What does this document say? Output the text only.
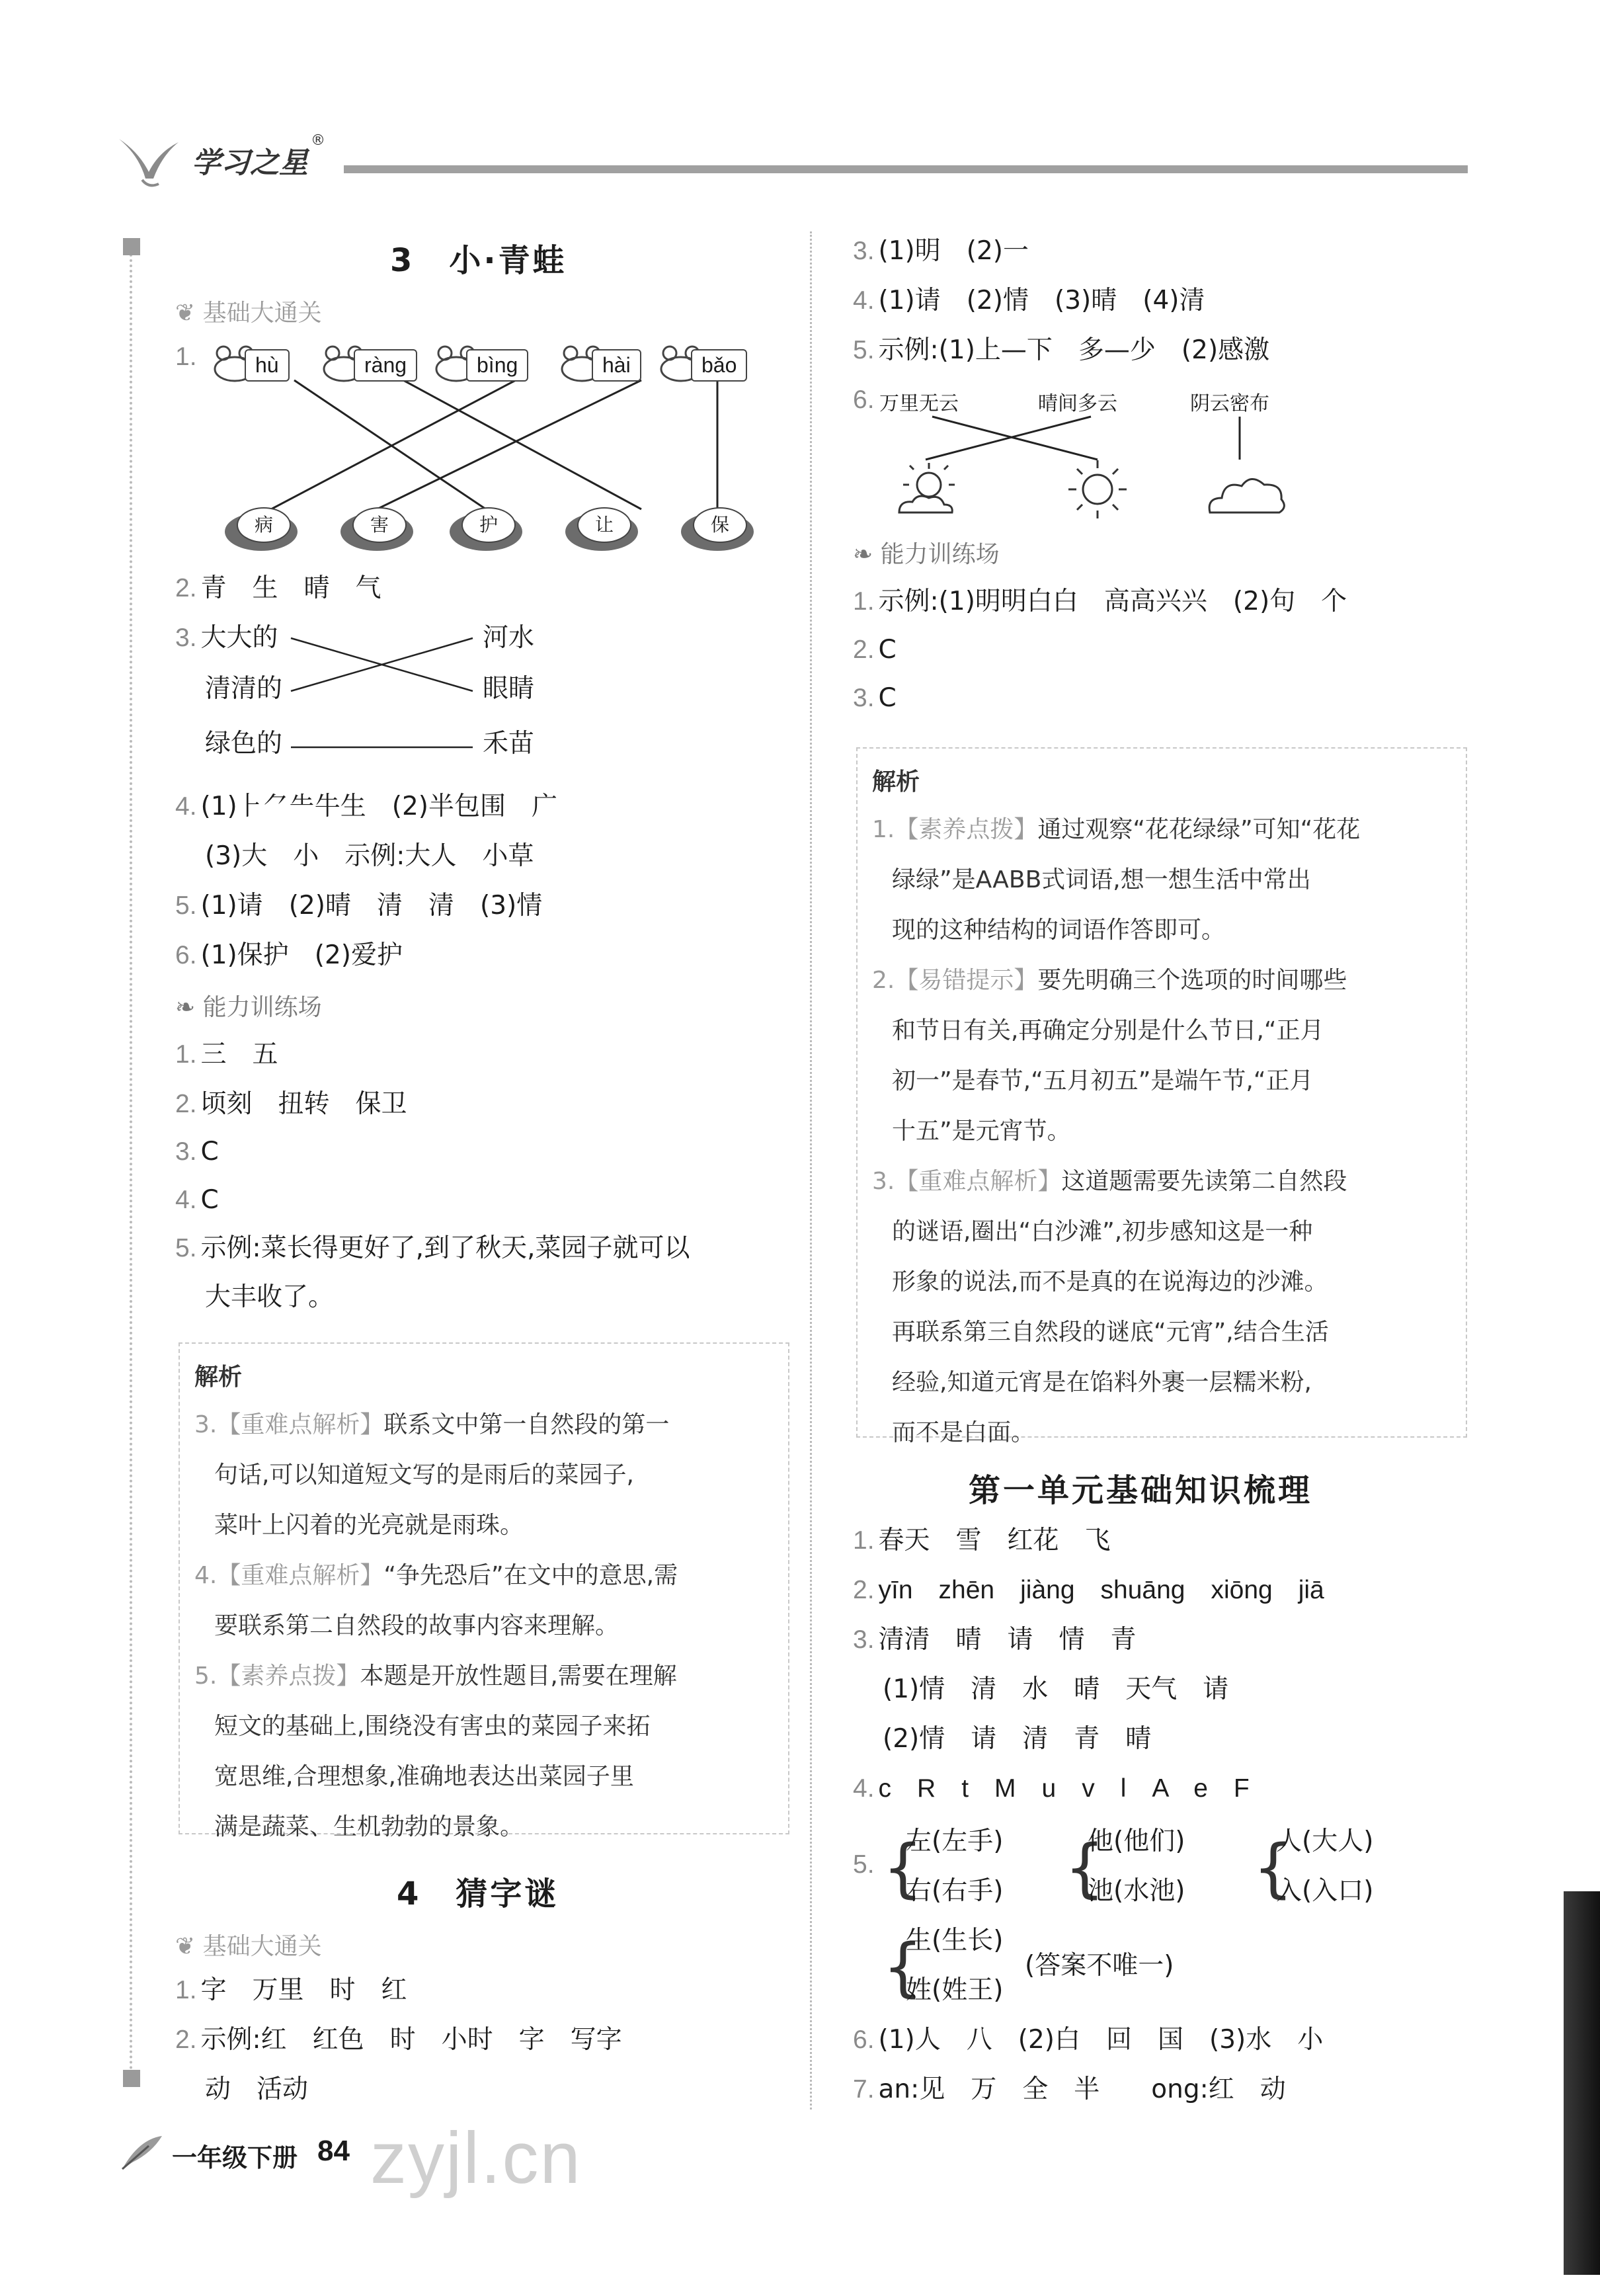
学习之星
®
3　小·青蛙
❦ 基础大通关
1.	hù	ràng	bìng	hài	bǎo
病	害	护	让	保
2. 青　生　晴　气
3. 大大的
清清的
绿色的
河水
眼睛
禾苗
4. (1)⺊⺈⺧牛生　(2)半包围　广
(3)大　小　示例:大人　小草
5. (1)请　(2)晴　清　清　(3)情
6. (1)保护　(2)爱护
❧ 能力训练场
1. 三　五
2. 顷刻　扭转　保卫
3. C
4. C
5. 示例:菜长得更好了,到了秋天,菜园子就可以
大丰收了。
解析
3.【重难点解析】联系文中第一自然段的第一
句话,可以知道短文写的是雨后的菜园子,
菜叶上闪着的光亮就是雨珠。
4.【重难点解析】“争先恐后”在文中的意思,需
要联系第二自然段的故事内容来理解。
5.【素养点拨】本题是开放性题目,需要在理解
短文的基础上,围绕没有害虫的菜园子来拓
宽思维,合理想象,准确地表达出菜园子里
满是蔬菜、生机勃勃的景象。
4　猜字谜
❦ 基础大通关
1. 字　万里　时　红
2. 示例:红　红色　时　小时　字　写字
动　活动
3. (1)明　(2)一
4. (1)请　(2)情　(3)晴　(4)清
5. 示例:(1)上—下　多—少　(2)感激
6. 万里无云	晴间多云	阴云密布
❧ 能力训练场
1. 示例:(1)明明白白　高高兴兴　(2)句　个
2. C
3. C
解析
1.【素养点拨】通过观察“花花绿绿”可知“花花
绿绿”是AABB式词语,想一想生活中常出
现的这种结构的词语作答即可。
2.【易错提示】要先明确三个选项的时间哪些
和节日有关,再确定分别是什么节日,“正月
初一”是春节,“五月初五”是端午节,“正月
十五”是元宵节。
3.【重难点解析】这道题需要先读第二自然段
的谜语,圈出“白沙滩”,初步感知这是一种
形象的说法,而不是真的在说海边的沙滩。
再联系第三自然段的谜底“元宵”,结合生活
经验,知道元宵是在馅料外裹一层糯米粉,
而不是白面。
第一单元基础知识梳理
1. 春天　雪　红花　飞
2. yīn　zhēn　jiàng　shuāng　xiōng　jiā
3. 清清　晴　请　情　青
(1)情　清　水　晴　天气　请
(2)情　请　清　青　晴
4. c　R　t　M　u　v　l　A　e　F
5. {
左(左手)
右(右手) {
他(他们)
池(水池) {
人(大人)
入(入口)
{
生(生长)
姓(姓王)
(答案不唯一)
6. (1)人　八　(2)白　回　国　(3)水　小
7. an:见　万　全　半　　ong:红　动
一年级下册 84 zyjl.cn
